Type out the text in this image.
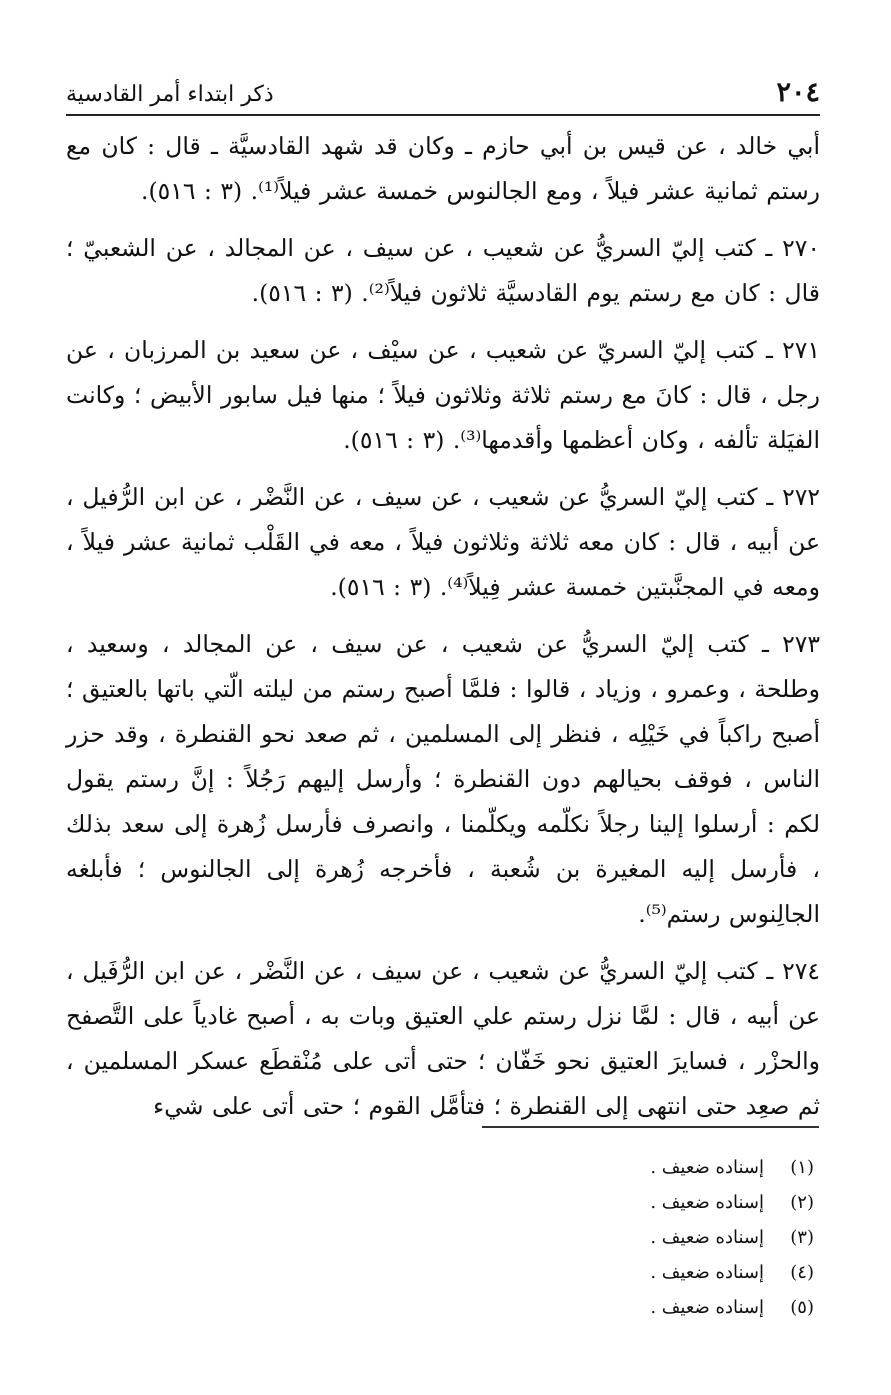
٢٠٤
ذكر ابتداء أمر القادسية

أبي خالد ، عن قيس بن أبي حازم ـ وكان قد شهد القادسيَّة ـ قال : كان مع رستم ثمانية عشر فيلاً ، ومع الجالنوس خمسة عشر فيلاً⁽¹⁾. (٣ : ٥١٦).

٢٧٠ ـ كتب إليّ السريُّ عن شعيب ، عن سيف ، عن المجالد ، عن الشعبيّ ؛ قال : كان مع رستم يوم القادسيَّة ثلاثون فيلاً⁽²⁾. (٣ : ٥١٦).

٢٧١ ـ كتب إليّ السريّ عن شعيب ، عن سيْف ، عن سعيد بن المرزبان ، عن رجل ، قال : كانَ مع رستم ثلاثة وثلاثون فيلاً ؛ منها فيل سابور الأبيض ؛ وكانت الفيَلة تألفه ، وكان أعظمها وأقدمها⁽³⁾. (٣ : ٥١٦).

٢٧٢ ـ كتب إليّ السريُّ عن شعيب ، عن سيف ، عن النَّضْر ، عن ابن الرُّفيل ، عن أبيه ، قال : كان معه ثلاثة وثلاثون فيلاً ، معه في القَلْب ثمانية عشر فيلاً ، ومعه في المجنَّبتين خمسة عشر فِيلاً⁽⁴⁾. (٣ : ٥١٦).

٢٧٣ ـ كتب إليّ السريُّ عن شعيب ، عن سيف ، عن المجالد ، وسعيد ، وطلحة ، وعمرو ، وزياد ، قالوا : فلمَّا أصبح رستم من ليلته الّتي باتها بالعتيق ؛ أصبح راكباً في خَيْلِه ، فنظر إلى المسلمين ، ثم صعد نحو القنطرة ، وقد حزر الناس ، فوقف بحيالهم دون القنطرة ؛ وأرسل إليهم رَجُلاً : إنَّ رستم يقول لكم : أرسلوا إلينا رجلاً نكلّمه ويكلّمنا ، وانصرف فأرسل زُهرة إلى سعد بذلك ، فأرسل إليه المغيرة بن شُعبة ، فأخرجه زُهرة إلى الجالنوس ؛ فأبلغه الجالِنوس رستم⁽⁵⁾.

٢٧٤ ـ كتب إليّ السريُّ عن شعيب ، عن سيف ، عن النَّضْر ، عن ابن الرُّفَيل ، عن أبيه ، قال : لمَّا نزل رستم علي العتيق وبات به ، أصبح غادياً على التَّصفح والحزْر ، فسايرَ العتيق نحو خَفّان ؛ حتى أتى على مُنْقطَع عسكر المسلمين ، ثم صعِد حتى انتهى إلى القنطرة ؛ فتأمَّل القوم ؛ حتى أتى على شيء

(١)
إسناده ضعيف .
(٢)
إسناده ضعيف .
(٣)
إسناده ضعيف .
(٤)
إسناده ضعيف .
(٥)
إسناده ضعيف .
